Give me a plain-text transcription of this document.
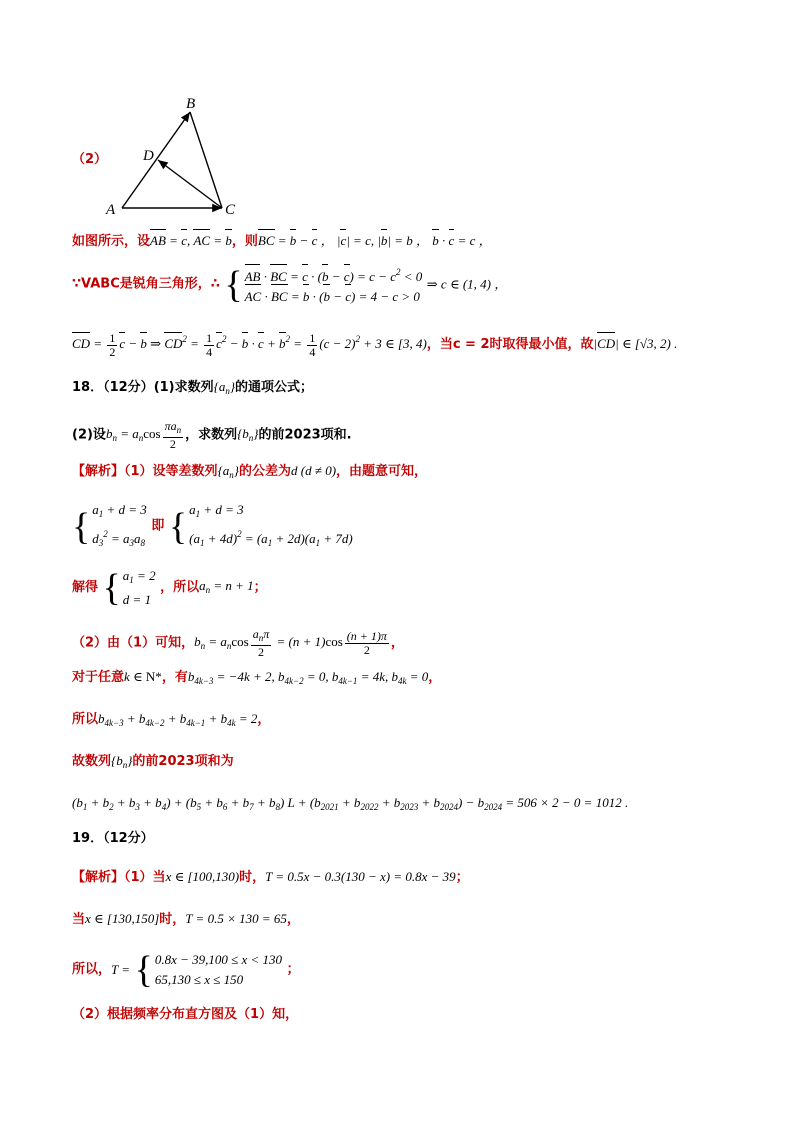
（2）
B
D
A	C
如图所示，设AB = c, AC = b，则BC = b − c ， |c| = c, |b| = b ， b · c = c ，
∵VABC是锐角三角形，∴ { AB · BC = $c \cdot (b - c) = c - c^2 < 0$
AC · BC = b · (b − c) = 4 − c > 0
⇒ c ∈ (1, 4) ，
CD = $\frac{1}{2}$ c − b ⇒ $CD^2 = \frac{1}{4} c^2 - b \cdot c + b^2 = \frac{1}{4} (c - 2)^2 + 3$ ∈ [3, 4)，当c = 2时取得最小值，故|CD| ∈ [√3, 2) .
18．（12分）(1)求数列$\{a_n\}$的通项公式；
(2)设$b_n = a_n\cos \frac{\pi a_n}{2}$ ，求数列$\{b_n\}$的前2023项和.
【解析】（1）设等差数列$\{a_n\}$的公差为d (d ≠ 0)，由题意可知，
{ $a_1 + d = 3$
$d_3^2 = a_3a_8$
即 { $a_1 + d = 3$
$(a_1 + 4d)^2 = (a_1 + 2d)(a_1 + 7d)$
解得 { $a_1 = 2$
d = 1
，所以$a_n = n + 1$；
（2）由（1）可知，$b_n = a_n\cos \frac{a_n\pi}{2} = (n + 1)\cos \frac{(n + 1)\pi}{2}$ ，
对于任意k ∈ N*，有$b_{4k-3} = -4k + 2$, $b_{4k-2} = 0$, $b_{4k-1} = 4k$, $b_{4k} = 0$，
所以$b_{4k-3} + b_{4k-2} + b_{4k-1} + b_{4k} = 2$，
故数列$\{b_n\}$的前2023项和为
$(b_1 + b_2 + b_3 + b_4) + (b_5 + b_6 + b_7 + b_8) L + (b_{2021} + b_{2022} + b_{2023} + b_{2024}) - b_{2024} = 506 \times 2 - 0 = 1012$ .
19．（12分）
【解析】（1）当x ∈ [100,130)时，T = 0.5x − 0.3(130 − x) = 0.8x − 39；
当x ∈ [130,150]时，T = 0.5 × 130 = 65，
所以，T = { 0.8x − 39,100 ≤ x < 130
65,130 ≤ x ≤ 150
；
（2）根据频率分布直方图及（1）知，
